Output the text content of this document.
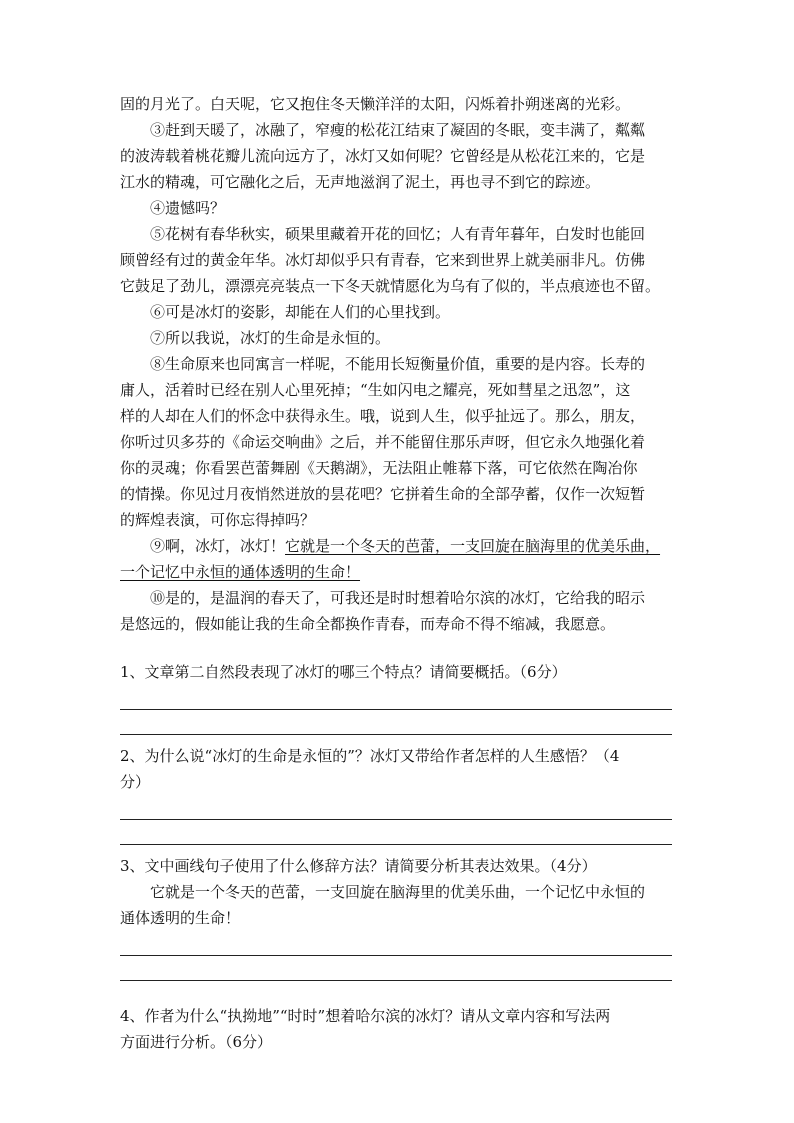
固的月光了。白天呢，它又抱住冬天懒洋洋的太阳，闪烁着扑朔迷离的光彩。
③赶到天暖了，冰融了，窄瘦的松花江结束了凝固的冬眠，变丰满了，粼粼
的波涛载着桃花瓣儿流向远方了，冰灯又如何呢？它曾经是从松花江来的，它是
江水的精魂，可它融化之后，无声地滋润了泥土，再也寻不到它的踪迹。
④遗憾吗？
⑤花树有春华秋实，硕果里藏着开花的回忆；人有青年暮年，白发时也能回
顾曾经有过的黄金年华。冰灯却似乎只有青春，它来到世界上就美丽非凡。仿佛
它鼓足了劲儿，漂漂亮亮装点一下冬天就情愿化为乌有了似的，半点痕迹也不留。
⑥可是冰灯的姿影，却能在人们的心里找到。
⑦所以我说，冰灯的生命是永恒的。
⑧生命原来也同寓言一样呢，不能用长短衡量价值，重要的是内容。长寿的
庸人，活着时已经在别人心里死掉；“生如闪电之耀亮，死如彗星之迅忽”，这
样的人却在人们的怀念中获得永生。哦，说到人生，似乎扯远了。那么，朋友，
你听过贝多芬的《命运交响曲》之后，并不能留住那乐声呀，但它永久地强化着
你的灵魂；你看罢芭蕾舞剧《天鹅湖》，无法阻止帷幕下落，可它依然在陶冶你
的情操。你见过月夜悄然迸放的昙花吧？它拼着生命的全部孕蓄，仅作一次短暂
的辉煌表演，可你忘得掉吗？
⑨啊，冰灯，冰灯！它就是一个冬天的芭蕾，一支回旋在脑海里的优美乐曲，
一个记忆中永恒的通体透明的生命！
⑩是的，是温润的春天了，可我还是时时想着哈尔滨的冰灯，它给我的昭示
是悠远的，假如能让我的生命全都换作青春，而寿命不得不缩减，我愿意。
1、文章第二自然段表现了冰灯的哪三个特点？请简要概括。（6分）
2、为什么说“冰灯的生命是永恒的”？冰灯又带给作者怎样的人生感悟？（4
分）
3、文中画线句子使用了什么修辞方法？请简要分析其表达效果。（4分）
它就是一个冬天的芭蕾，一支回旋在脑海里的优美乐曲，一个记忆中永恒的
通体透明的生命！
4、作者为什么“执拗地”“时时”想着哈尔滨的冰灯？请从文章内容和写法两
方面进行分析。（6分）
